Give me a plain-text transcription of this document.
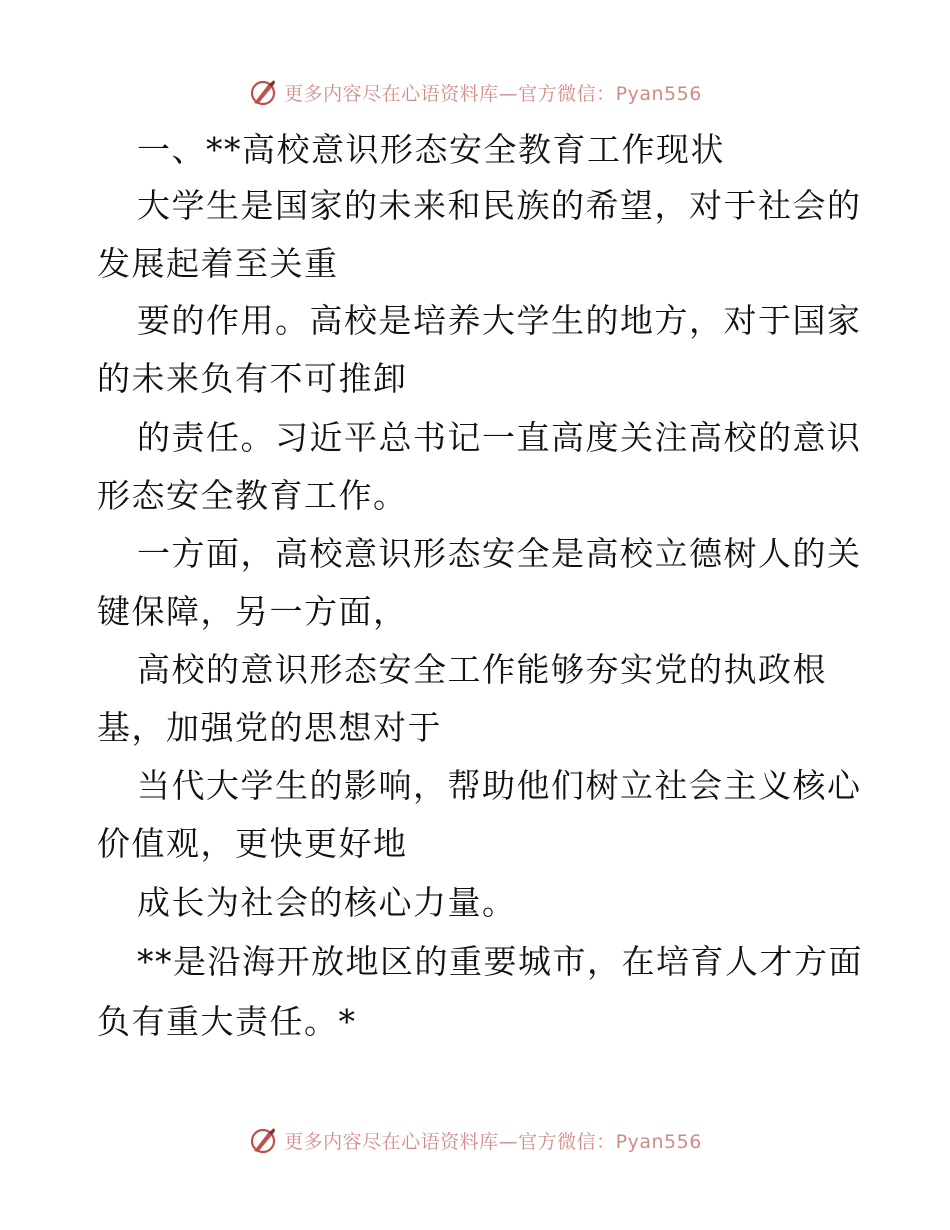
更多内容尽在心语资料库—官方微信：Pyan556
一、**高校意识形态安全教育工作现状
大学生是国家的未来和民族的希望，对于社会的
发展起着至关重
要的作用。高校是培养大学生的地方，对于国家
的未来负有不可推卸
的责任。习近平总书记一直高度关注高校的意识
形态安全教育工作。
一方面，高校意识形态安全是高校立德树人的关
键保障，另一方面，
高校的意识形态安全工作能够夯实党的执政根
基，加强党的思想对于
当代大学生的影响，帮助他们树立社会主义核心
价值观，更快更好地
成长为社会的核心力量。
**是沿海开放地区的重要城市，在培育人才方面
负有重大责任。*
更多内容尽在心语资料库—官方微信：Pyan556
